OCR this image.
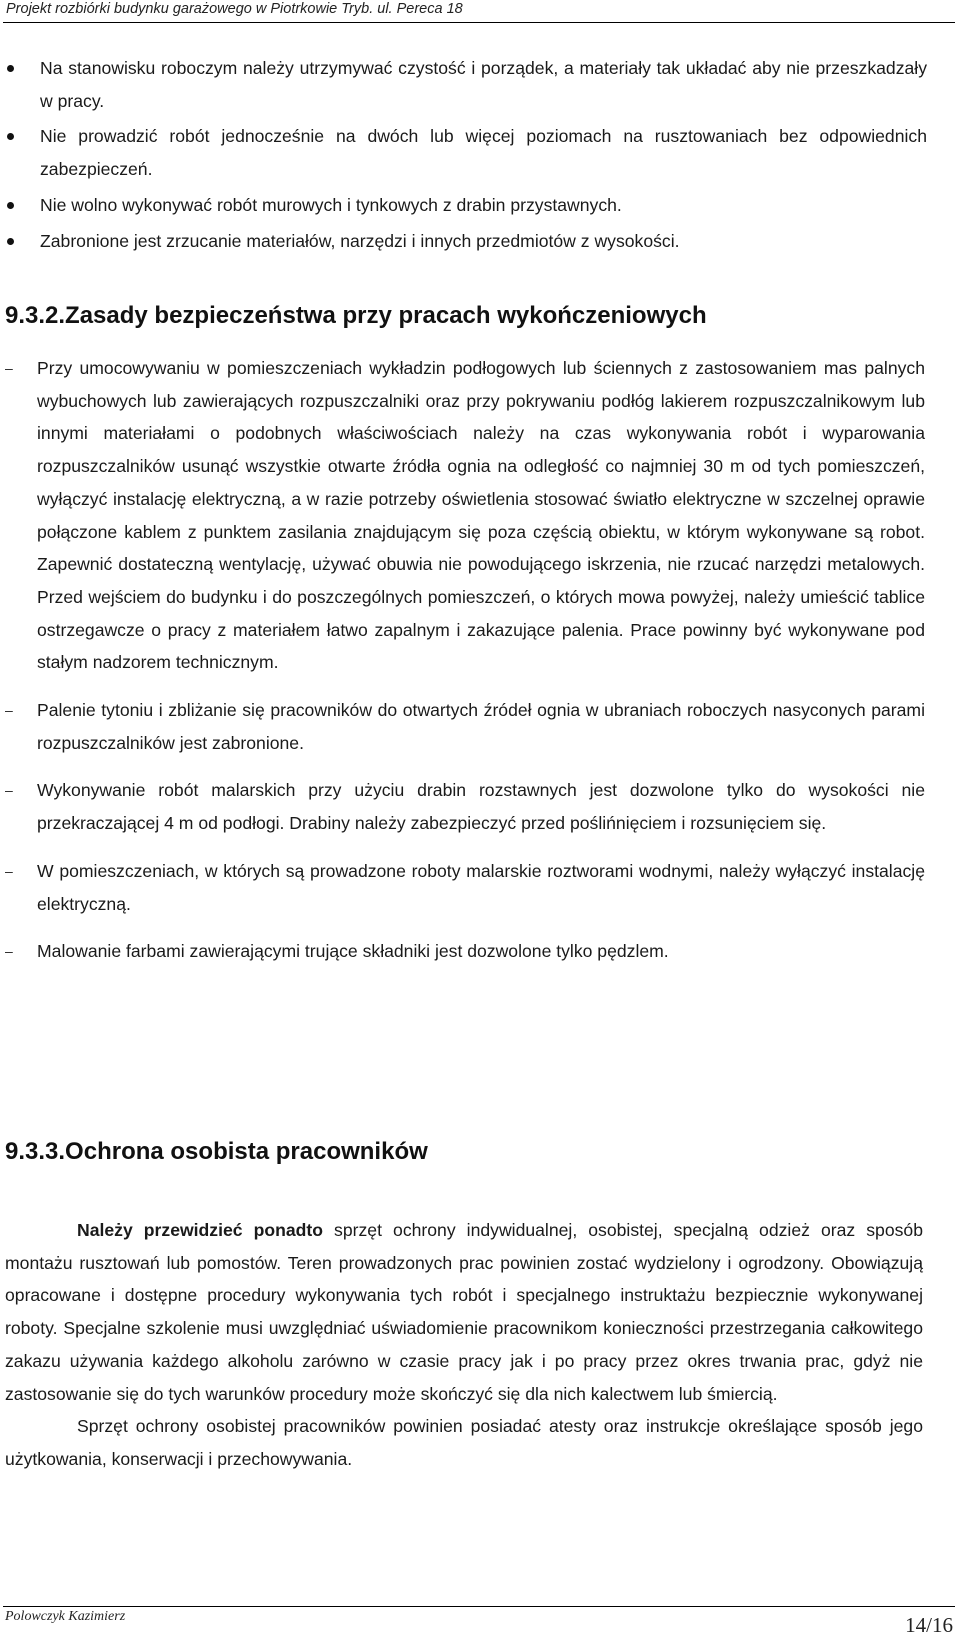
Projekt rozbiórki budynku garażowego w Piotrkowie Tryb. ul. Pereca 18
Na stanowisku roboczym należy utrzymywać czystość i porządek, a materiały tak układać aby nie przeszkadzały w pracy.
Nie prowadzić robót jednocześnie na dwóch lub więcej poziomach na rusztowaniach bez odpowiednich zabezpieczeń.
Nie wolno wykonywać robót murowych i tynkowych z drabin przystawnych.
Zabronione jest zrzucanie materiałów, narzędzi i innych przedmiotów z wysokości.
9.3.2.Zasady bezpieczeństwa przy pracach wykończeniowych
– Przy umocowywaniu w pomieszczeniach wykładzin podłogowych lub ściennych z zastosowaniem mas palnych wybuchowych lub zawierających rozpuszczalniki oraz przy pokrywaniu podłóg lakierem rozpuszczalnikowym lub innymi materiałami o podobnych właściwościach należy na czas wykonywania robót i wyparowania rozpuszczalników usunąć wszystkie otwarte źródła ognia na odległość co najmniej 30 m od tych pomieszczeń, wyłączyć instalację elektryczną, a w razie potrzeby oświetlenia stosować światło elektryczne w szczelnej oprawie połączone kablem z punktem zasilania znajdującym się poza częścią obiektu, w którym wykonywane są robot. Zapewnić dostateczną wentylację, używać obuwia nie powodującego iskrzenia, nie rzucać narzędzi metalowych. Przed wejściem do budynku i do poszczególnych pomieszczeń, o których mowa powyżej, należy umieścić tablice ostrzegawcze o pracy z materiałem łatwo zapalnym i zakazujące palenia. Prace powinny być wykonywane pod stałym nadzorem technicznym.
– Palenie tytoniu i zbliżanie się pracowników do otwartych źródeł ognia w ubraniach roboczych nasyconych parami rozpuszczalników jest zabronione.
– Wykonywanie robót malarskich przy użyciu drabin rozstawnych jest dozwolone tylko do wysokości nie przekraczającej 4 m od podłogi. Drabiny należy zabezpieczyć przed poślińnięciem i rozsunięciem się.
– W pomieszczeniach, w których są prowadzone roboty malarskie roztworami wodnymi, należy wyłączyć instalację elektryczną.
– Malowanie farbami zawierającymi trujące składniki jest dozwolone tylko pędzlem.
9.3.3.Ochrona osobista pracowników

Należy przewidzieć ponadto sprzęt ochrony indywidualnej, osobistej, specjalną odzież oraz sposób montażu rusztowań lub pomostów. Teren prowadzonych prac powinien zostać wydzielony i ogrodzony. Obowiązują opracowane i dostępne procedury wykonywania tych robót i specjalnego instruktażu bezpiecznie wykonywanej roboty. Specjalne szkolenie musi uwzględniać uświadomienie pracownikom konieczności przestrzegania całkowitego zakazu używania każdego alkoholu zarówno w czasie pracy jak i po pracy przez okres trwania prac, gdyż nie zastosowanie się do tych warunków procedury może skończyć się dla nich kalectwem lub śmiercią.

Sprzęt ochrony osobistej pracowników powinien posiadać atesty oraz instrukcje określające sposób jego użytkowania, konserwacji i przechowywania.

Polowczyk Kazimierz	14/16
